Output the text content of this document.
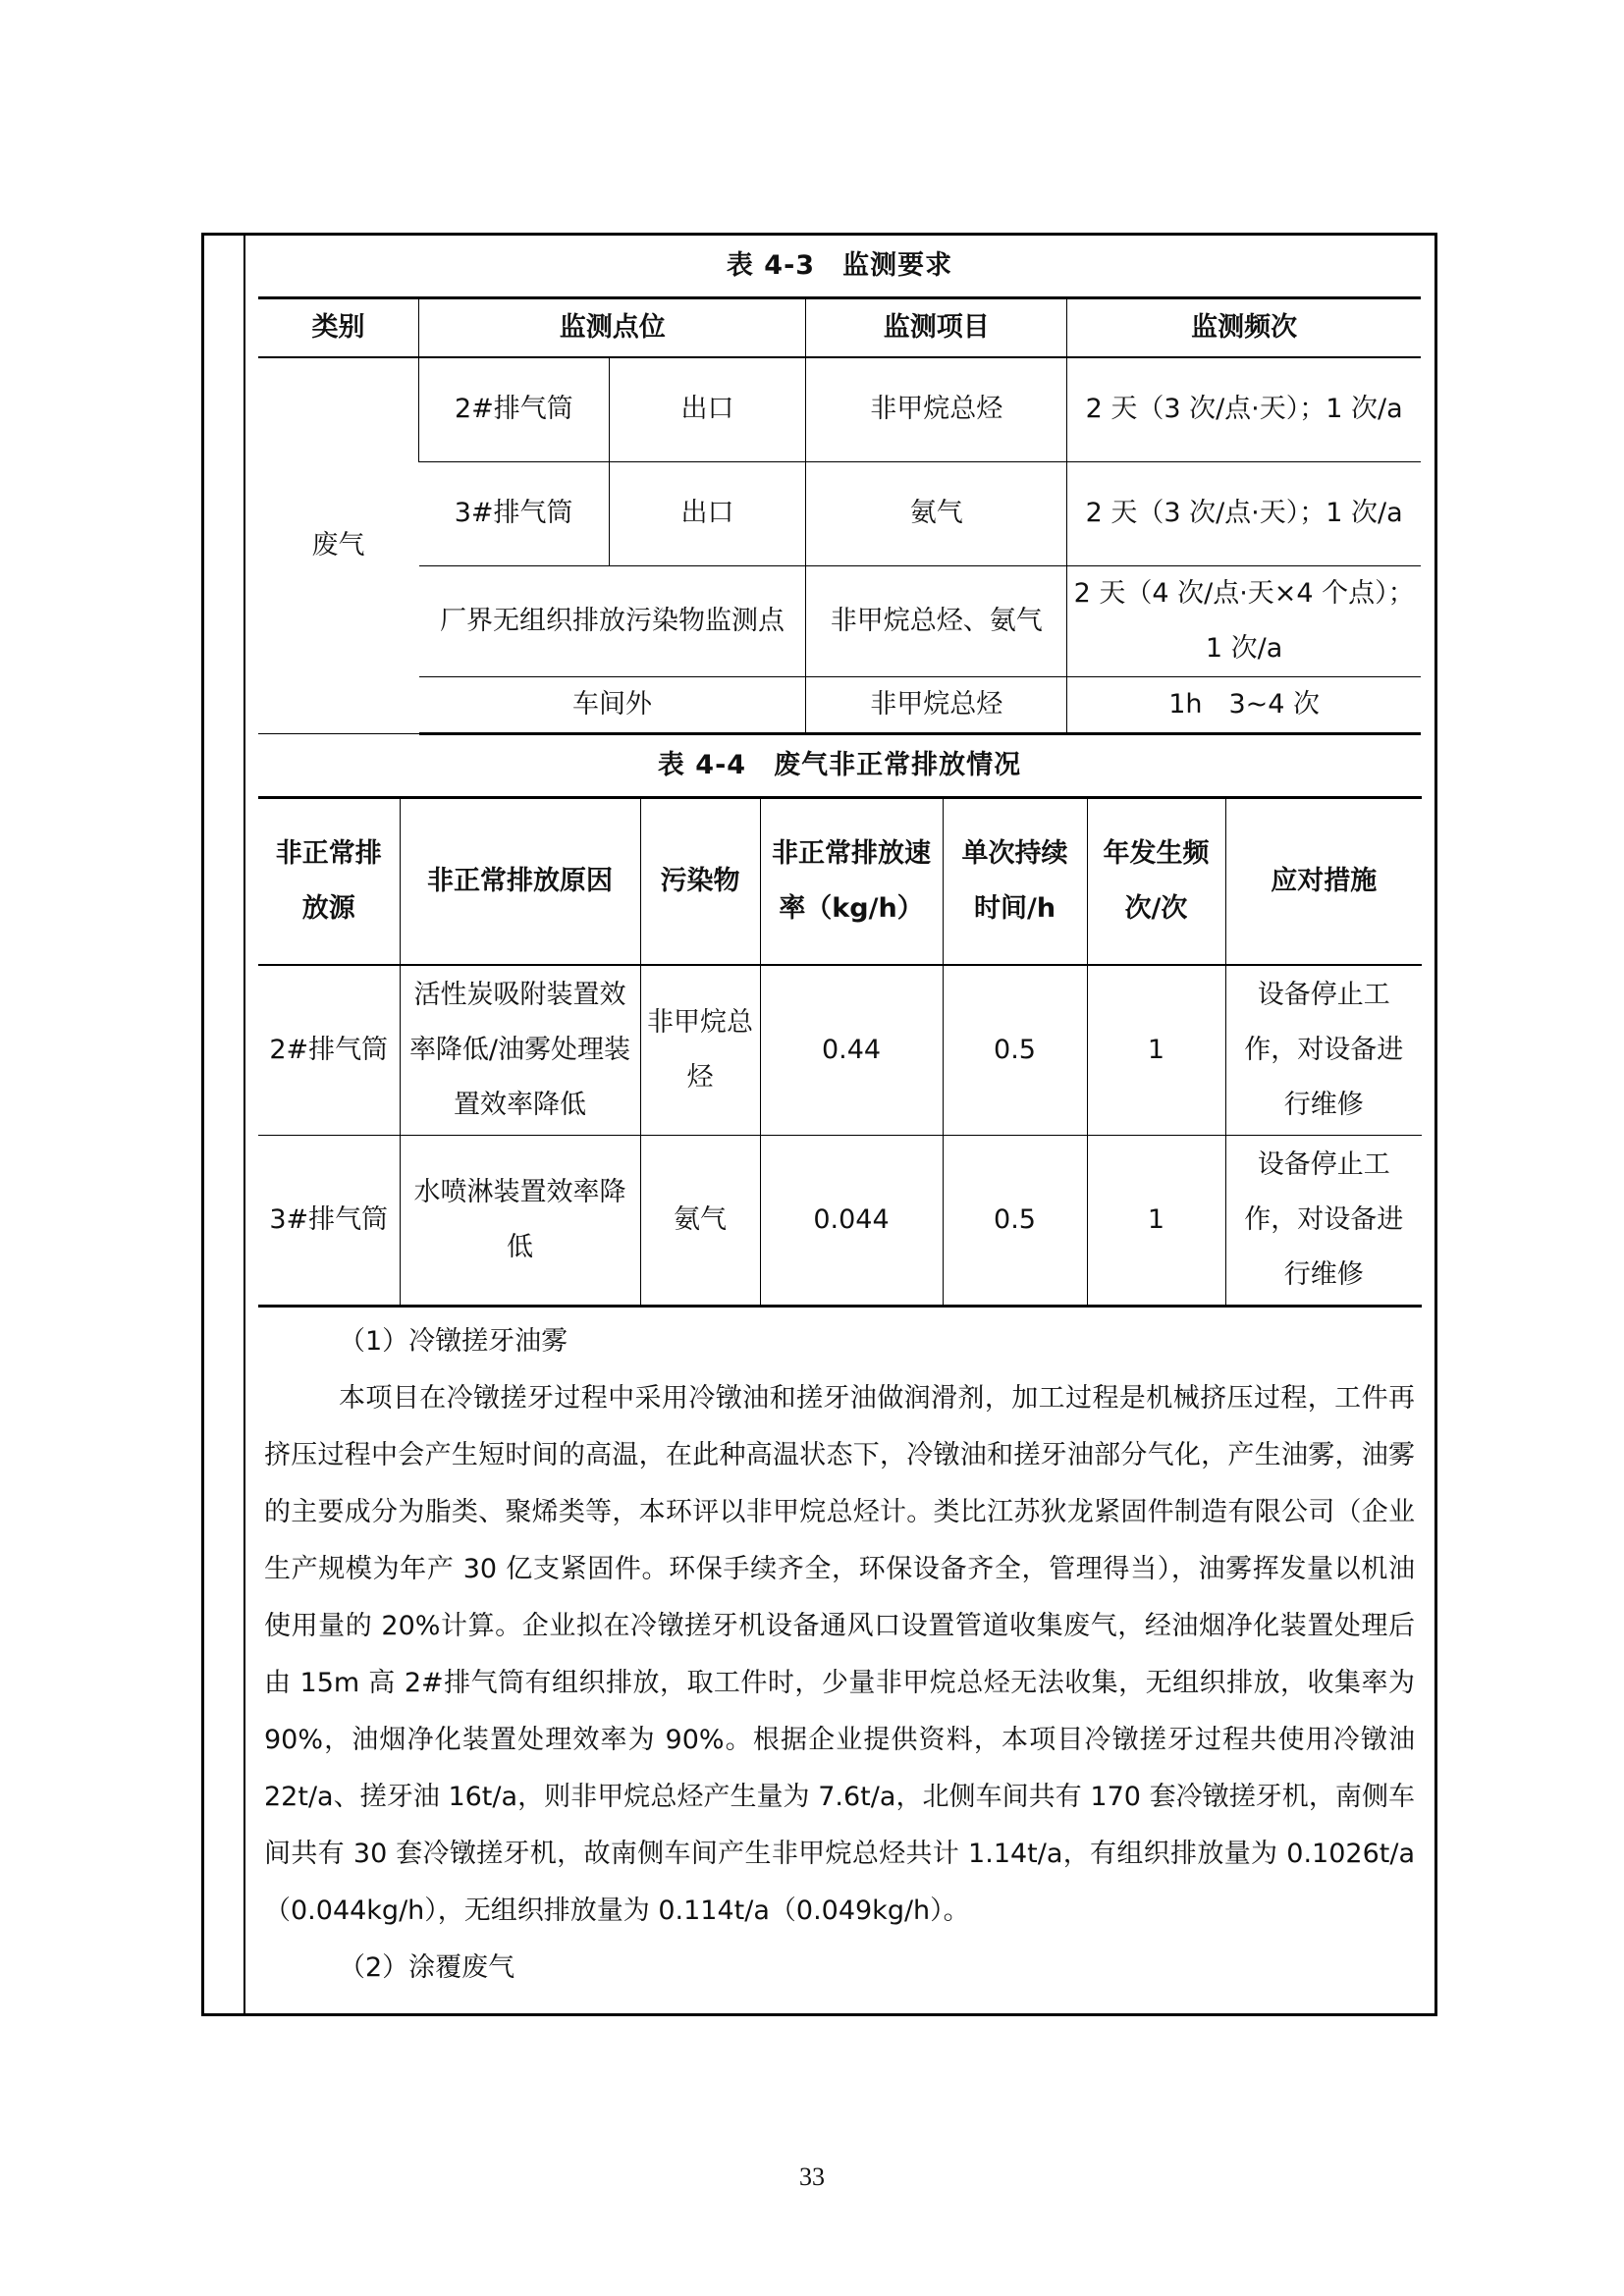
表 4-3　监测要求
类别	监测点位		监测项目	监测频次
废气	2#排气筒	出口	非甲烷总烃	2 天（3 次/点·天）；1 次/a
	3#排气筒	出口	氨气	2 天（3 次/点·天）；1 次/a
	厂界无组织排放污染物监测点		非甲烷总烃、氨气	2 天（4 次/点·天×4 个点）；1 次/a
	车间外		非甲烷总烃	1h　3~4 次
表 4-4　废气非正常排放情况
非正常排放源	非正常排放原因	污染物	非正常排放速率（kg/h）	单次持续时间/h	年发生频次/次	应对措施
2#排气筒	活性炭吸附装置效率降低/油雾处理装置效率降低	非甲烷总烃	0.44	0.5	1	设备停止工作，对设备进行维修
3#排气筒	水喷淋装置效率降低	氨气	0.044	0.5	1	设备停止工作，对设备进行维修

（1）冷镦搓牙油雾

本项目在冷镦搓牙过程中采用冷镦油和搓牙油做润滑剂，加工过程是机械挤压过程，工件再挤压过程中会产生短时间的高温，在此种高温状态下，冷镦油和搓牙油部分气化，产生油雾，油雾的主要成分为脂类、聚烯类等，本环评以非甲烷总烃计。类比江苏狄龙紧固件制造有限公司（企业生产规模为年产 30 亿支紧固件。环保手续齐全，环保设备齐全，管理得当），油雾挥发量以机油使用量的 20%计算。企业拟在冷镦搓牙机设备通风口设置管道收集废气，经油烟净化装置处理后由 15m 高 2#排气筒有组织排放，取工件时，少量非甲烷总烃无法收集，无组织排放，收集率为 90%，油烟净化装置处理效率为 90%。根据企业提供资料，本项目冷镦搓牙过程共使用冷镦油 22t/a、搓牙油 16t/a，则非甲烷总烃产生量为 7.6t/a，北侧车间共有 170 套冷镦搓牙机，南侧车间共有 30 套冷镦搓牙机，故南侧车间产生非甲烷总烃共计 1.14t/a，有组织排放量为 0.1026t/a（0.044kg/h），无组织排放量为 0.114t/a（0.049kg/h）。

（2）涂覆废气

33
